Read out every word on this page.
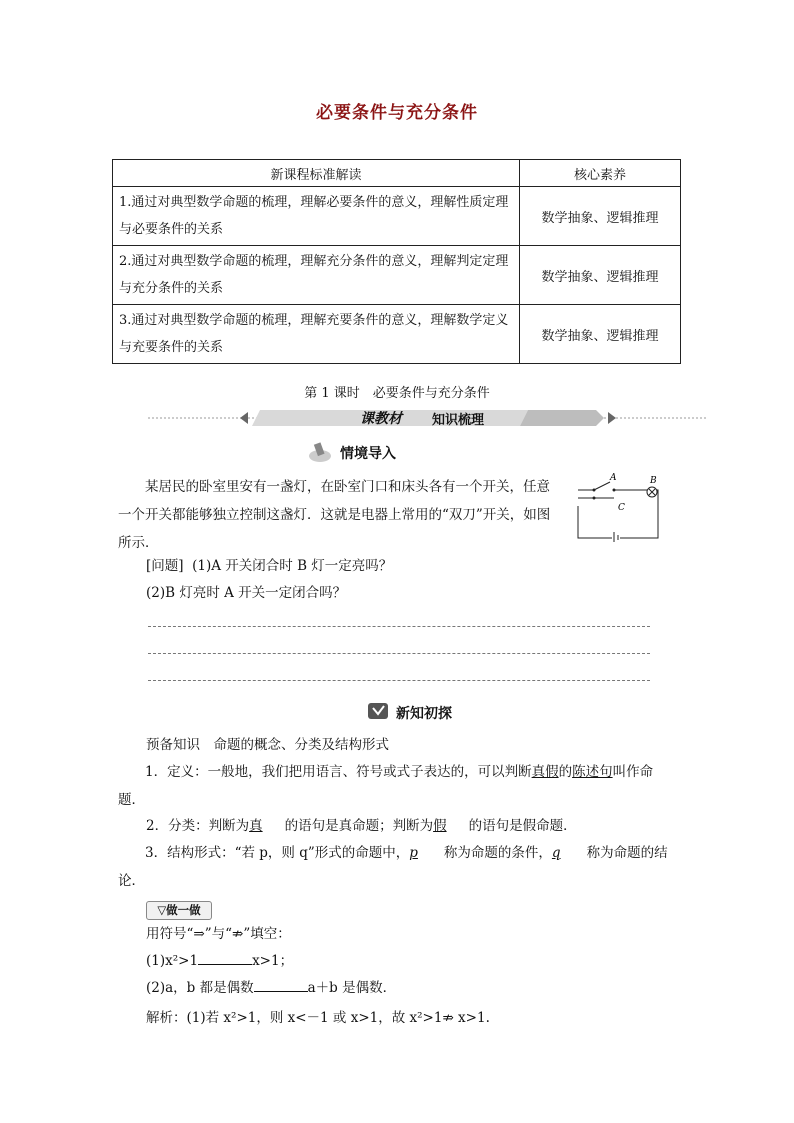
必要条件与充分条件
新课程标准解读	核心素养
1.通过对典型数学命题的梳理，理解必要条件的意义，理解性质定理与必要条件的关系	数学抽象、逻辑推理
2.通过对典型数学命题的梳理，理解充分条件的意义，理解判定定理与充分条件的关系	数学抽象、逻辑推理
3.通过对典型数学命题的梳理，理解充要条件的意义，理解数学定义与充要条件的关系	数学抽象、逻辑推理
第 1 课时　必要条件与充分条件
课教材 知识梳理
情境导入
某居民的卧室里安有一盏灯，在卧室门口和床头各有一个开关，任意一个开关都能够独立控制这盏灯．这就是电器上常用的“双刀”开关，如图所示．
A	B
C
[问题] (1)A 开关闭合时 B 灯一定亮吗？
(2)B 灯亮时 A 开关一定闭合吗？
新知初探
预备知识　命题的概念、分类及结构形式
1．定义：一般地，我们把用语言、符号或式子表达的，可以判断真假的陈述句叫作命题．
2．分类：判断为真 的语句是真命题；判断为假 的语句是假命题．
3．结构形式：“若 p，则 q”形式的命题中，p 称为命题的条件，q 称为命题的结论．
▽做一做
用符号“⇒”与“⇏”填空：
(1)x²>1	x>1；
(2)a，b 都是偶数	a＋b 是偶数．
解析：(1)若 x²>1，则 x<－1 或 x>1，故 x²>1⇏ x>1.
